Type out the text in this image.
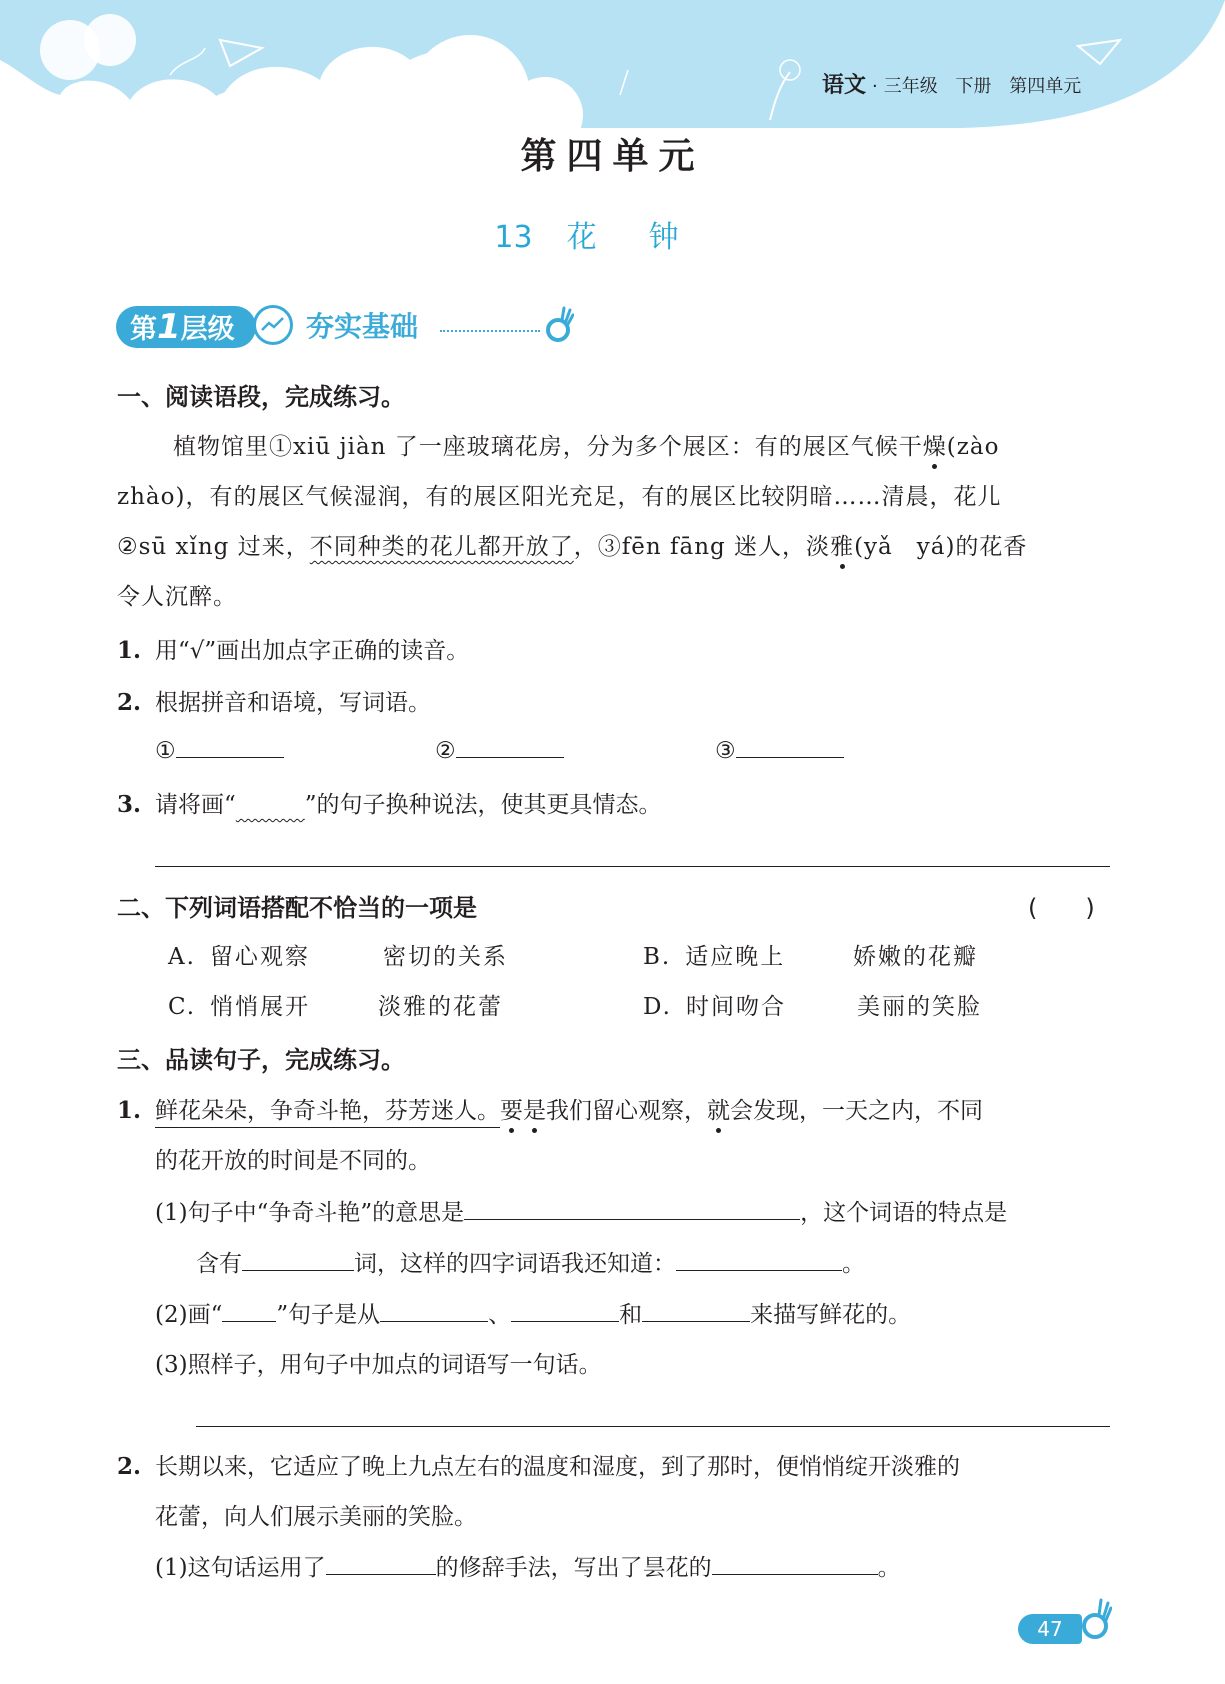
语文 · 三年级 下册 第四单元
第四单元
13 花钟
第1层级	夯实基础
一、阅读语段，完成练习。
植物馆里①xiū jiàn 了一座玻璃花房，分为多个展区：有的展区气候干燥(zào
zhào)，有的展区气候湿润，有的展区阳光充足，有的展区比较阴暗……清晨，花儿
②sū xǐng 过来，不同种类的花儿都开放了，③fēn fāng 迷人，淡雅(yǎ　yá)的花香
令人沉醉。
1. 用“√”画出加点字正确的读音。
2. 根据拼音和语境，写词语。
①	②	③
3. 请将画“　　　	”的句子换种说法，使其更具情态。
二、下列词语搭配不恰当的一项是	(　　)
A. 留心观察	密切的关系	B. 适应晚上	娇嫩的花瓣
C. 悄悄展开	淡雅的花蕾	D. 时间吻合	美丽的笑脸
三、品读句子，完成练习。
1. 鲜花朵朵，争奇斗艳，芬芳迷人。要是我们留心观察，就会发现，一天之内，不同
的花开放的时间是不同的。
(1)句子中“争奇斗艳”的意思是	，这个词语的特点是
含有	词，这样的四字词语我还知道：	。
(2)画“ ”句子是从	、	和	来描写鲜花的。
(3)照样子，用句子中加点的词语写一句话。
2. 长期以来，它适应了晚上九点左右的温度和湿度，到了那时，便悄悄绽开淡雅的
花蕾，向人们展示美丽的笑脸。
(1)这句话运用了	的修辞手法，写出了昙花的	。
47
